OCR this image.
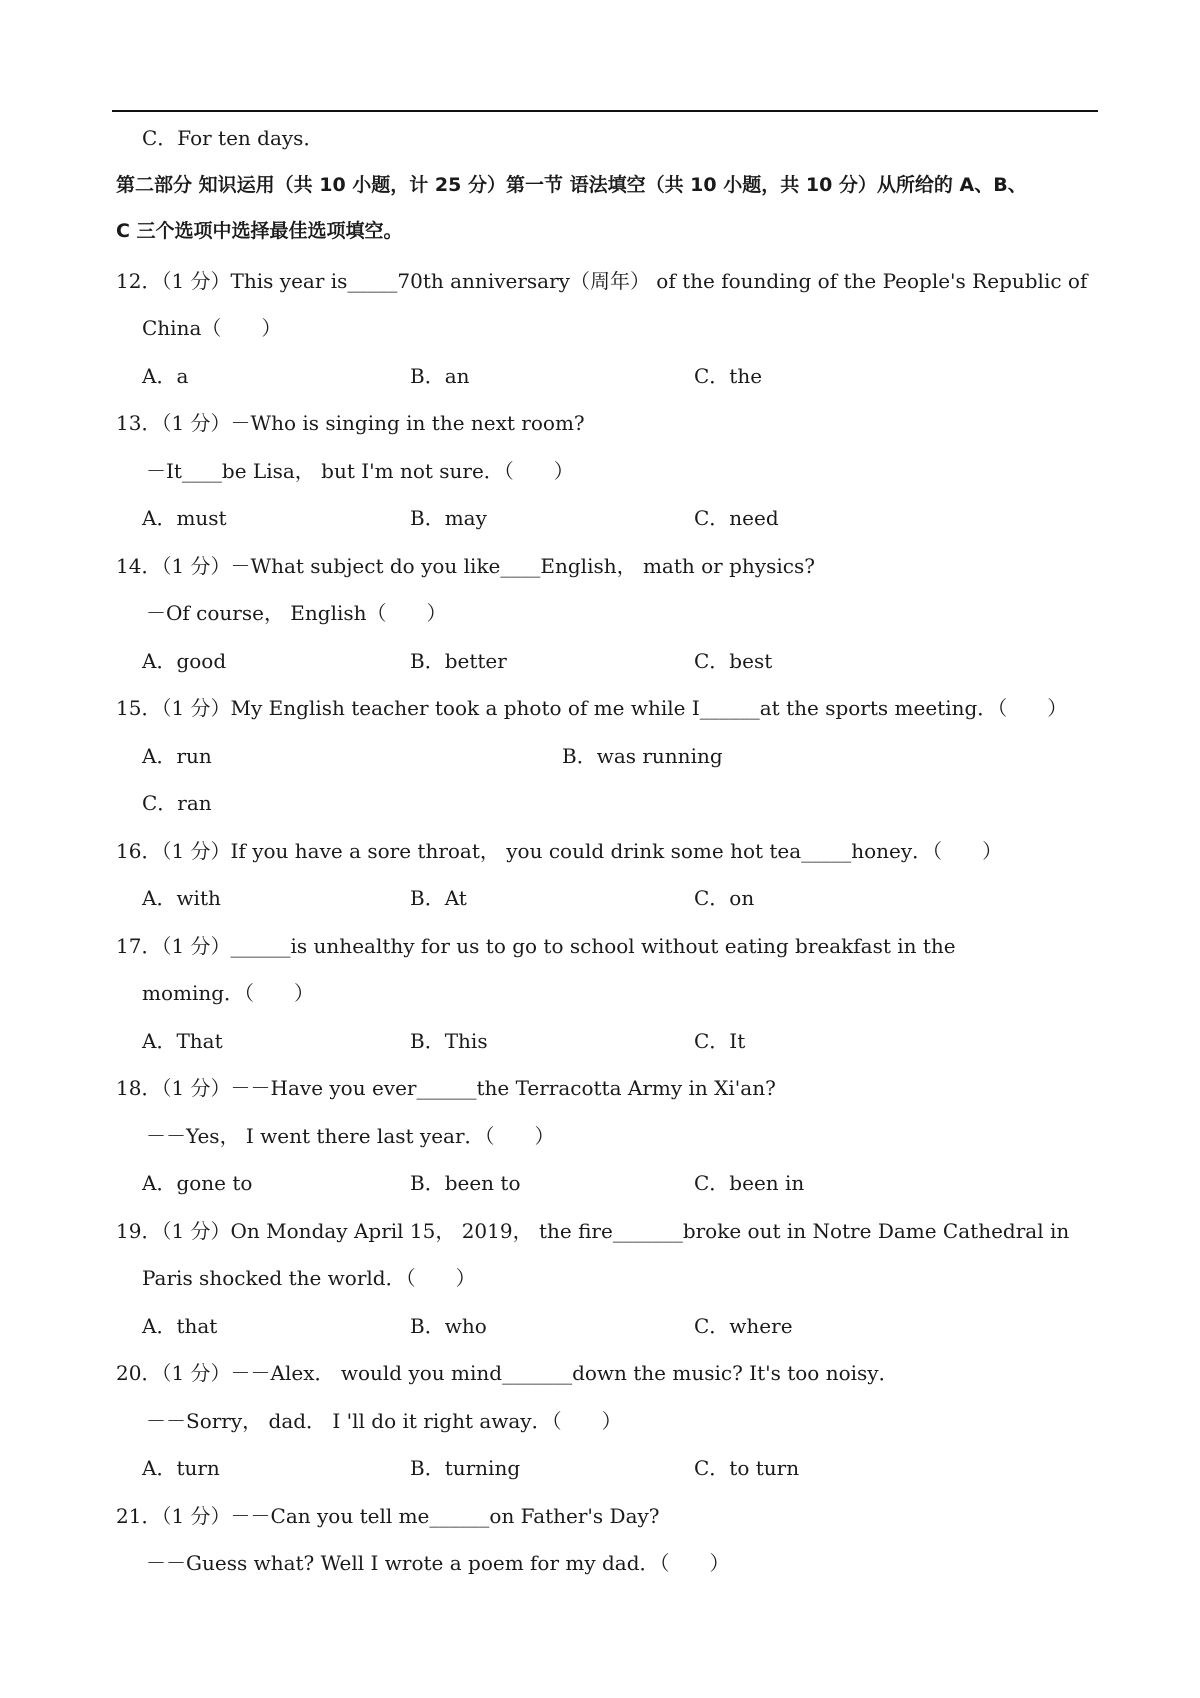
C．For ten days．
第二部分 知识运用（共 10 小题，计 25 分）第一节 语法填空（共 10 小题，共 10 分）从所给的 A、B、
C 三个选项中选择最佳选项填空。
12．（1 分）This year is_____70th anniversary（周年） of the founding of the People's Republic of
China（　　）
A．a	B．an	C．the
13．（1 分）－Who is singing in the next room?
－It____be Lisa， but I'm not sure．（　　）
A．must	B．may	C．need
14．（1 分）－What subject do you like____English， math or physics?
－Of course， English（　　）
A．good	B．better	C．best
15．（1 分）My English teacher took a photo of me while I______at the sports meeting．（　　）
A．run	B．was running
C．ran
16．（1 分）If you have a sore throat， you could drink some hot tea_____honey．（　　）
A．with	B．At	C．on
17．（1 分）______is unhealthy for us to go to school without eating breakfast in the
moming．（　　）
A．That	B．This	C．It
18．（1 分）－－Have you ever______the Terracotta Army in Xi'an?
－－Yes， I went there last year．（　　）
A．gone to	B．been to	C．been in
19．（1 分）On Monday April 15， 2019， the fire_______broke out in Notre Dame Cathedral in
Paris shocked the world．（　　）
A．that	B．who	C．where
20．（1 分）－－Alex． would you mind_______down the music? It's too noisy．
－－Sorry， dad． I 'll do it right away．（　　）
A．turn	B．turning	C．to turn
21．（1 分）－－Can you tell me______on Father's Day?
－－Guess what? Well I wrote a poem for my dad．（　　）
